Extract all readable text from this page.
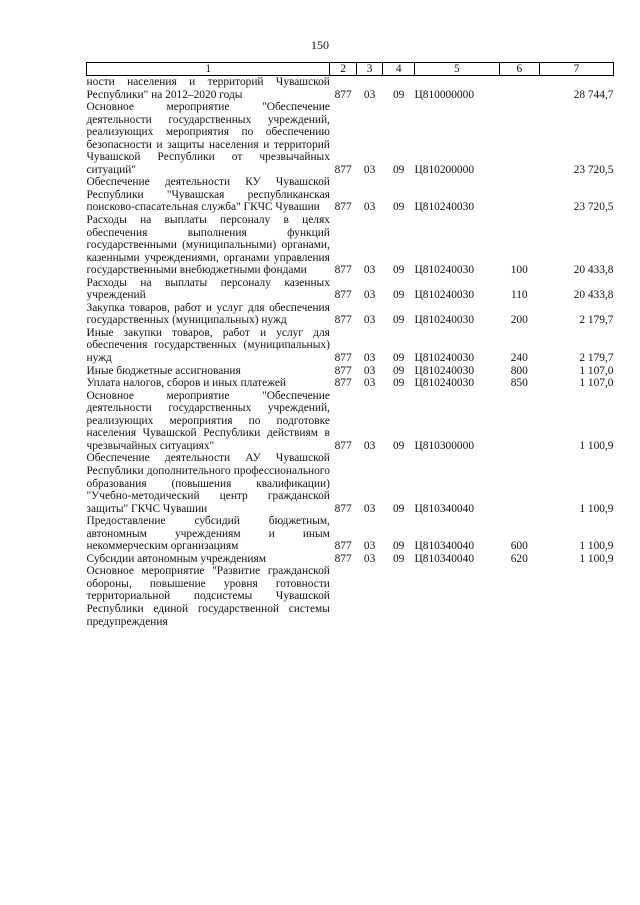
150
1	2	3	4	5	6	7
ности населения и территорий Чувашской Республики" на 2012–2020 годы	877	03	09	Ц810000000		28 744,7
Основное мероприятие "Обеспечение деятельности государственных учреждений, реализующих мероприятия по обеспечению безопасности и защиты населения и территорий Чувашской Республики от чрезвычайных ситуаций"	877	03	09	Ц810200000		23 720,5
Обеспечение деятельности КУ Чувашской Республики "Чувашская республиканская поисково-спасательная служба" ГКЧС Чувашии	877	03	09	Ц810240030		23 720,5
Расходы на выплаты персоналу в целях обеспечения выполнения функций государственными (муниципальными) органами, казенными учреждениями, органами управления государственными внебюджетными фондами	877	03	09	Ц810240030	100	20 433,8
Расходы на выплаты персоналу казенных учреждений	877	03	09	Ц810240030	110	20 433,8
Закупка товаров, работ и услуг для обеспечения государственных (муниципальных) нужд	877	03	09	Ц810240030	200	2 179,7
Иные закупки товаров, работ и услуг для обеспечения государственных (муниципальных) нужд	877	03	09	Ц810240030	240	2 179,7
Иные бюджетные ассигнования	877	03	09	Ц810240030	800	1 107,0
Уплата налогов, сборов и иных платежей	877	03	09	Ц810240030	850	1 107,0
Основное мероприятие "Обеспечение деятельности государственных учреждений, реализующих мероприятия по подготовке населения Чувашской Республики действиям в чрезвычайных ситуациях"	877	03	09	Ц810300000		1 100,9
Обеспечение деятельности АУ Чувашской Республики дополнительного профессионального образования (повышения квалификации) "Учебно-методический центр гражданской защиты" ГКЧС Чувашии	877	03	09	Ц810340040		1 100,9
Предоставление субсидий бюджетным, автономным учреждениям и иным некоммерческим организациям	877	03	09	Ц810340040	600	1 100,9
Субсидии автономным учреждениям	877	03	09	Ц810340040	620	1 100,9
Основное мероприятие "Развитие гражданской обороны, повышение уровня готовности территориальной подсистемы Чувашской Республики единой государственной системы предупреждения						
